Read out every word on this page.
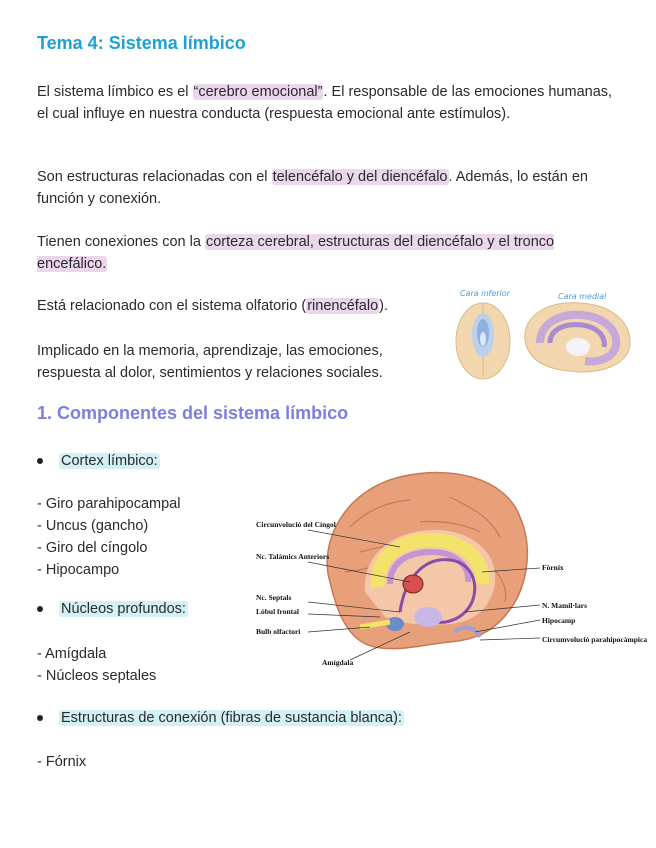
Tema 4: Sistema límbico
El sistema límbico es el “cerebro emocional”. El responsable de las emociones humanas, el cual influye en nuestra conducta (respuesta emocional ante estímulos).
Son estructuras relacionadas con el telencéfalo y del diencéfalo. Además, lo están en función y conexión.
Tienen conexiones con la corteza cerebral, estructuras del diencéfalo y el tronco encefálico.
Está relacionado con el sistema olfatorio (rinencéfalo).
Implicado en la memoria, aprendizaje, las emociones, respuesta al dolor, sentimientos y relaciones sociales.
Cara inferior	Cara medial
1. Componentes del sistema límbico
Cortex límbico:
- Giro parahipocampal
- Uncus (gancho)
- Giro del cíngolo
- Hipocampo
Núcleos profundos:
- Amígdala
- Núcleos septales
Estructuras de conexión (fibras de sustancia blanca):
- Fórnix
Circunvolució del Cíngol
Nc. Talàmics Anteriors
Nc. Septals
Lòbul frontal
Bulb olfactori
Fòrnix
N. Mamil·lars
Hipocamp
Circumvolució parahipocàmpica
Amígdala
